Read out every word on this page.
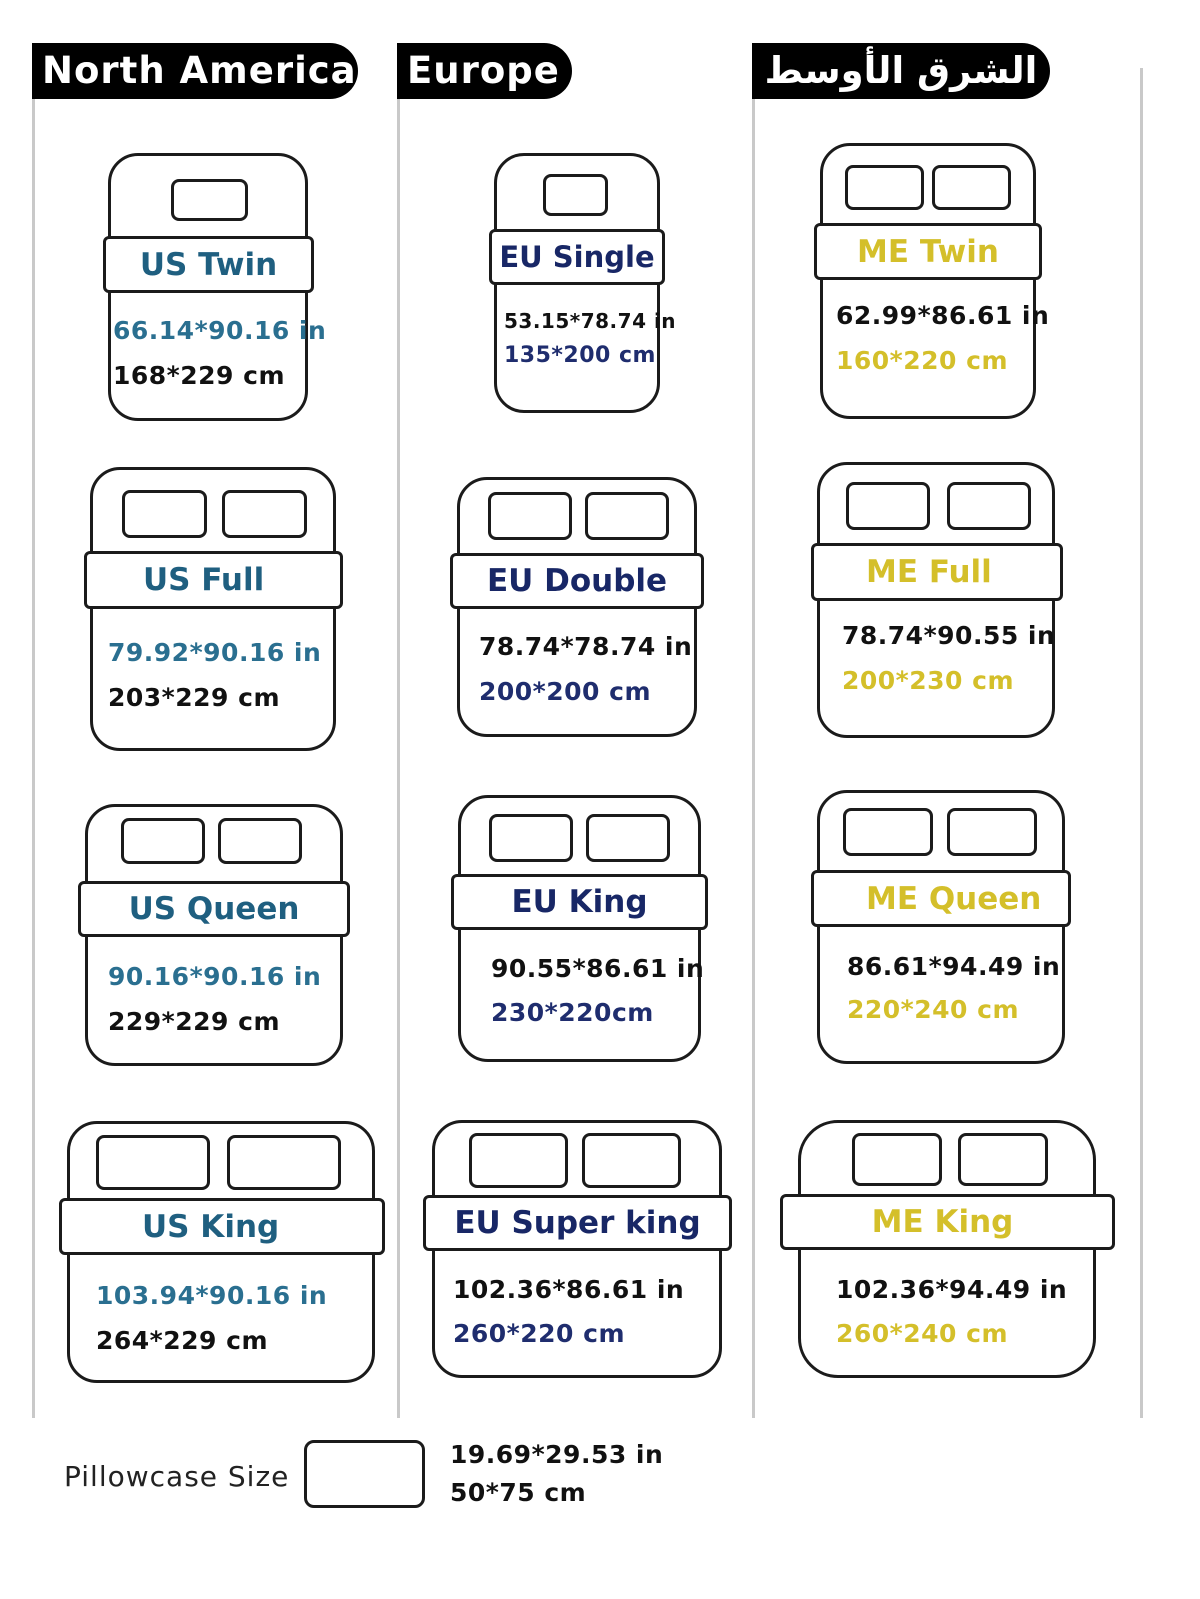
North America Europe	الشرق الأوسط
US Twin
66.14*90.16 in
168*229 cm
US Full
79.92*90.16 in
203*229 cm
US Queen
90.16*90.16 in
229*229 cm
US King
103.94*90.16 in
264*229 cm
EU Single
53.15*78.74 in
135*200 cm
EU Double
78.74*78.74 in
200*200 cm
EU King
90.55*86.61 in
230*220cm
EU Super king
102.36*86.61 in
260*220 cm
ME Twin
62.99*86.61 in
160*220 cm
ME Full
78.74*90.55 in
200*230 cm
ME Queen
86.61*94.49 in
220*240 cm
ME King
102.36*94.49 in
260*240 cm
Pillowcase Size
19.69*29.53 in
50*75 cm
